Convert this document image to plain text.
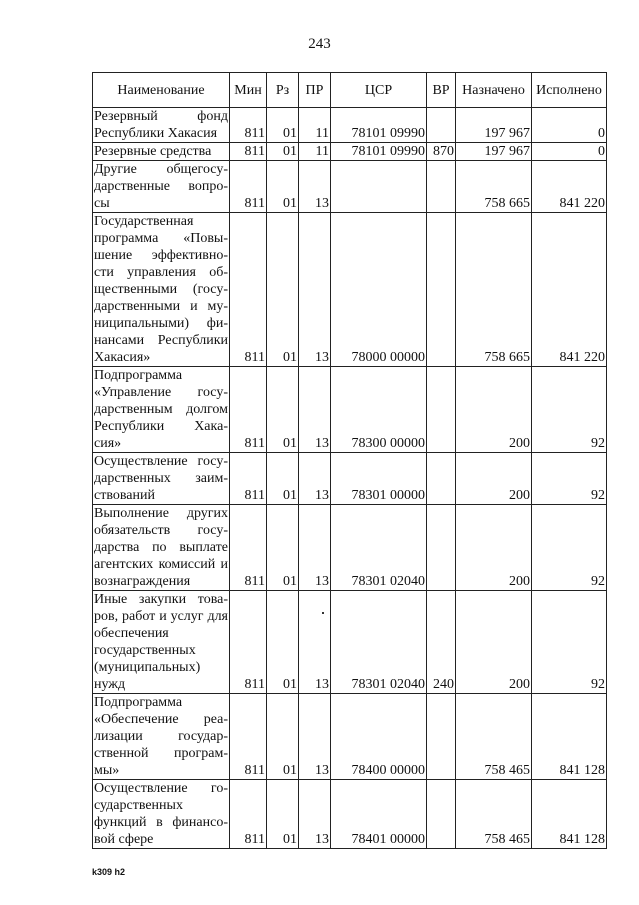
243
Наименование	Мин	Рз	ПР	ЦСР	ВР	Назначено	Исполнено
Резервный фонд Республики Хакасия	811	01	11	78101 09990		197 967	0
Резервные средства	811	01	11	78101 09990	870	197 967	0
Другие общегосу-дарственные вопро-сы	811	01	13			758 665	841 220
Государственная программа «Повы-шение эффективно-сти управления об-щественными (госу-дарственными и му-ниципальными) фи-нансами Республики Хакасия»	811	01	13	78000 00000		758 665	841 220
Подпрограмма «Управление госу-дарственным долгом Республики Хака-сия»	811	01	13	78300 00000		200	92
Осуществление госу-дарственных заим-ствований	811	01	13	78301 00000		200	92
Выполнение других обязательств госу-дарства по выплате агентских комиссий и вознаграждения	811	01	13	78301 02040		200	92
Иные закупки това-ров, работ и услуг для обеспечения государственных (муниципальных) нужд	811	01	13	78301 02040	240	200	92
Подпрограмма «Обеспечение реа-лизации государ-ственной програм-мы»	811	01	13	78400 00000		758 465	841 128
Осуществление го-сударственных функций в финансо-вой сфере	811	01	13	78401 00000		758 465	841 128
k309 h2
